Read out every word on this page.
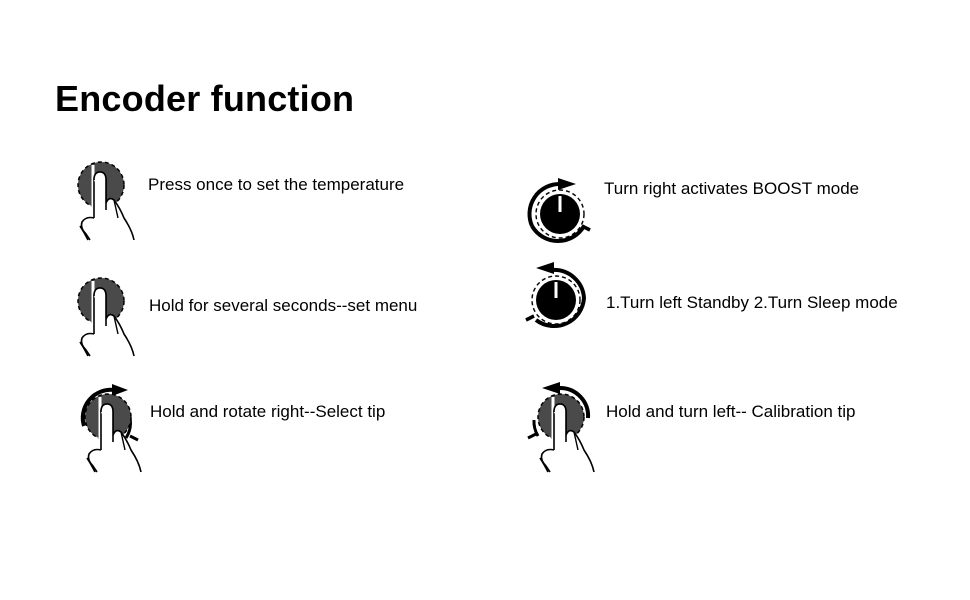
Encoder function
Press once to set the temperature
Hold for several seconds--set menu
Hold and rotate right--Select tip
Turn right activates BOOST mode
1.Turn left Standby 2.Turn Sleep mode
Hold and turn left-- Calibration tip
